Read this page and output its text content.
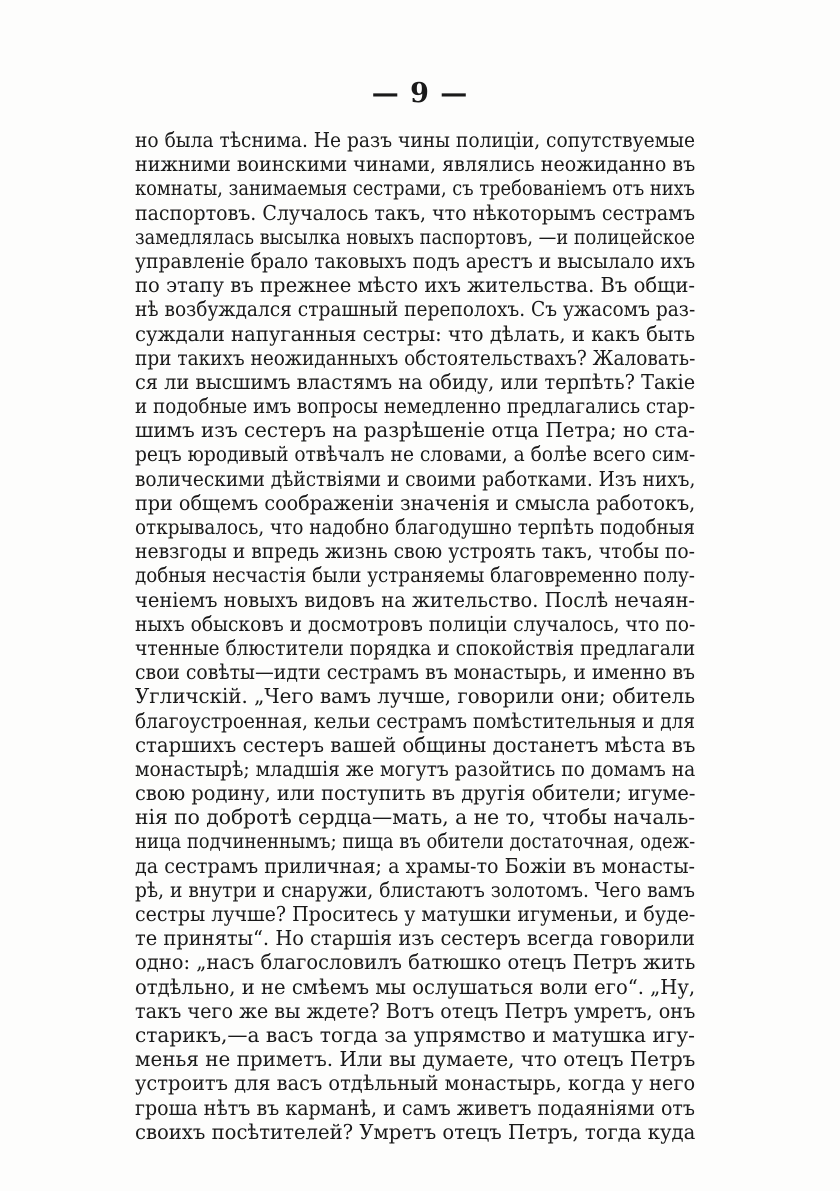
— 9 —
но была тѣснима. Не разъ чины полиціи, сопутствуемые
нижними воинскими чинами, являлись неожиданно въ
комнаты, занимаемыя сестрами, съ требованіемъ отъ нихъ
паспортовъ. Случалось такъ, что нѣкоторымъ сестрамъ
замедлялась высылка новыхъ паспортовъ, —и полицейское
управленіе брало таковыхъ подъ арестъ и высылало ихъ
по этапу въ прежнее мѣсто ихъ жительства. Въ общи-
нѣ возбуждался страшный переполохъ. Съ ужасомъ раз-
суждали напуганныя сестры: что дѣлать, и какъ быть
при такихъ неожиданныхъ обстоятельствахъ? Жаловать-
ся ли высшимъ властямъ на обиду, или терпѣть? Такіе
и подобные имъ вопросы немедленно предлагались стар-
шимъ изъ сестеръ на разрѣшеніе отца Петра; но ста-
рецъ юродивый отвѣчалъ не словами, а болѣе всего сим-
волическими дѣйствіями и своими работками. Изъ нихъ,
при общемъ соображеніи значенія и смысла работокъ,
открывалось, что надобно благодушно терпѣть подобныя
невзгоды и впредь жизнь свою устроять такъ, чтобы по-
добныя несчастія были устраняемы благовременно полу-
ченіемъ новыхъ видовъ на жительство. Послѣ нечаян-
ныхъ обысковъ и досмотровъ полиціи случалось, что по-
чтенные блюстители порядка и спокойствія предлагали
свои совѣты—идти сестрамъ въ монастырь, и именно въ
Угличскій. „Чего вамъ лучше, говорили они; обитель
благоустроенная, кельи сестрамъ помѣстительныя и для
старшихъ сестеръ вашей общины достанетъ мѣста въ
монастырѣ; младшія же могутъ разойтись по домамъ на
свою родину, или поступить въ другія обители; игуме-
нія по добротѣ сердца—мать, а не то, чтобы началь-
ница подчиненнымъ; пища въ обители достаточная, одеж-
да сестрамъ приличная; а храмы-то Божіи въ монасты-
рѣ, и внутри и снаружи, блистаютъ золотомъ. Чего вамъ
сестры лучше? Проситесь у матушки игуменьи, и буде-
те приняты“. Но старшія изъ сестеръ всегда говорили
одно: „насъ благословилъ батюшко отецъ Петръ жить
отдѣльно, и не смѣемъ мы ослушаться воли его“. „Ну,
такъ чего же вы ждете? Вотъ отецъ Петръ умретъ, онъ
старикъ,—а васъ тогда за упрямство и матушка игу-
менья не приметъ. Или вы думаете, что отецъ Петръ
устроитъ для васъ отдѣльный монастырь, когда у него
гроша нѣтъ въ карманѣ, и самъ живетъ подаяніями отъ
своихъ посѣтителей? Умретъ отецъ Петръ, тогда куда
